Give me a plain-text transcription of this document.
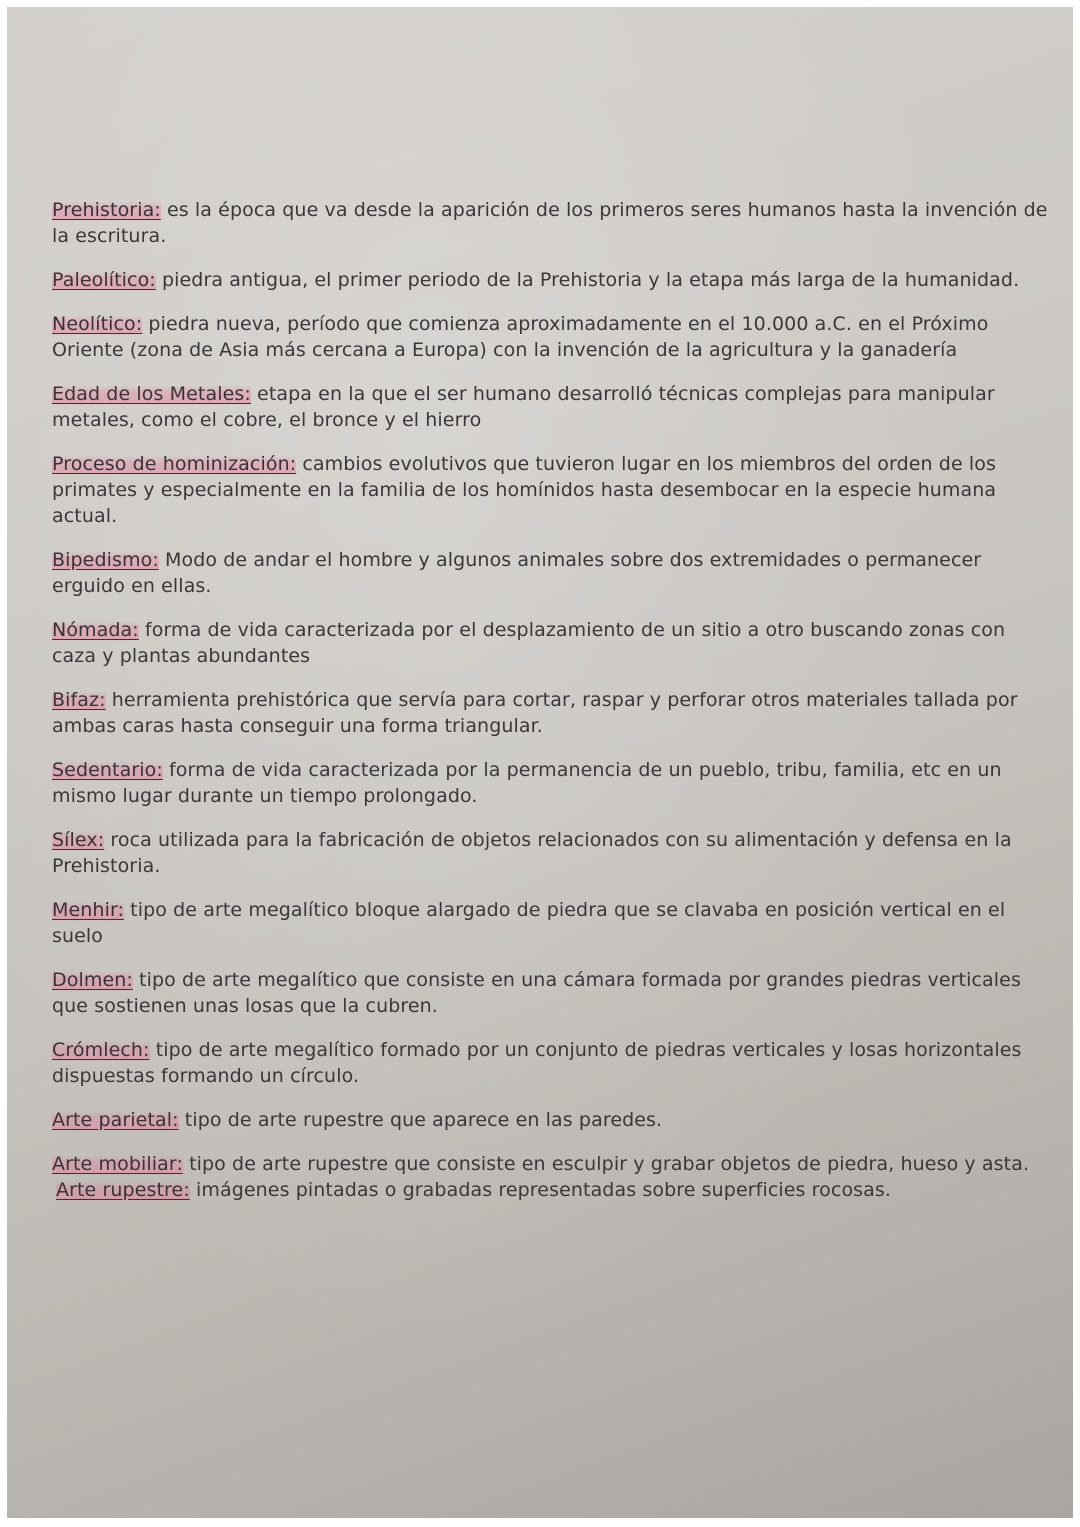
Prehistoria: es la época que va desde la aparición de los primeros seres humanos hasta la invención de la escritura.

Paleolítico: piedra antigua, el primer periodo de la Prehistoria y la etapa más larga de la humanidad.

Neolítico: piedra nueva, período que comienza aproximadamente en el 10.000 a.C. en el Próximo Oriente (zona de Asia más cercana a Europa) con la invención de la agricultura y la ganadería

Edad de los Metales: etapa en la que el ser humano desarrolló técnicas complejas para manipular metales, como el cobre, el bronce y el hierro

Proceso de hominización: cambios evolutivos que tuvieron lugar en los miembros del orden de los primates y especialmente en la familia de los homínidos hasta desembocar en la especie humana actual.

Bipedismo: Modo de andar el hombre y algunos animales sobre dos extremidades o permanecer erguido en ellas.

Nómada: forma de vida caracterizada por el desplazamiento de un sitio a otro buscando zonas con caza y plantas abundantes

Bifaz: herramienta prehistórica que servía para cortar, raspar y perforar otros materiales tallada por ambas caras hasta conseguir una forma triangular.

Sedentario: forma de vida caracterizada por la permanencia de un pueblo, tribu, familia, etc en un mismo lugar durante un tiempo prolongado.

Sílex: roca utilizada para la fabricación de objetos relacionados con su alimentación y defensa en la Prehistoria.

Menhir: tipo de arte megalítico bloque alargado de piedra que se clavaba en posición vertical en el suelo

Dolmen: tipo de arte megalítico que consiste en una cámara formada por grandes piedras verticales que sostienen unas losas que la cubren.

Crómlech: tipo de arte megalítico formado por un conjunto de piedras verticales y losas horizontales dispuestas formando un círculo.

Arte parietal: tipo de arte rupestre que aparece en las paredes.

Arte mobiliar: tipo de arte rupestre que consiste en esculpir y grabar objetos de piedra, hueso y asta. Arte rupestre: imágenes pintadas o grabadas representadas sobre superficies rocosas.
